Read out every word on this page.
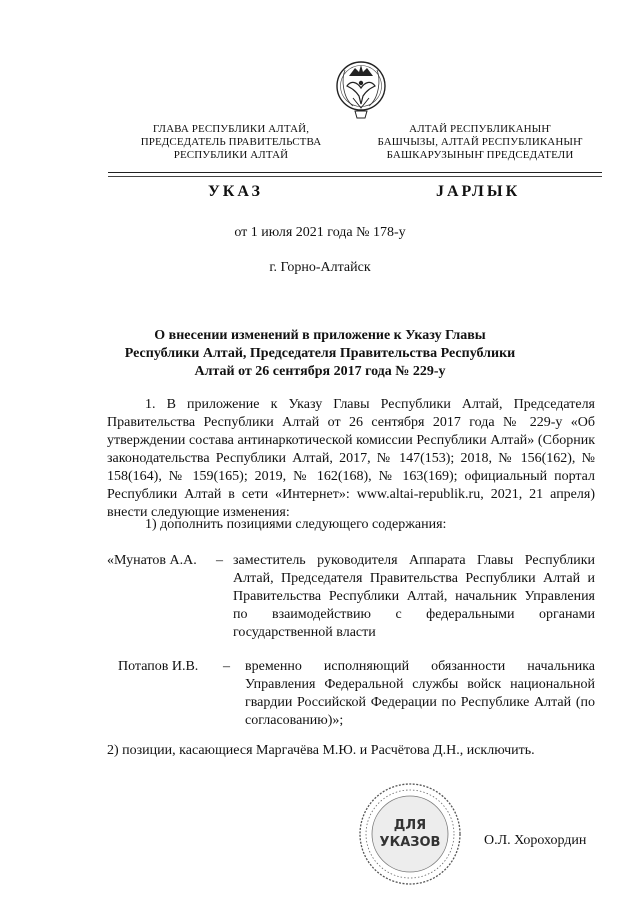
ГЛАВА РЕСПУБЛИКИ АЛТАЙ,
ПРЕДСЕДАТЕЛЬ ПРАВИТЕЛЬСТВА
РЕСПУБЛИКИ АЛТАЙ
АЛТАЙ РЕСПУБЛИКАНЫҤ
БАШЧЫЗЫ, АЛТАЙ РЕСПУБЛИКАНЫҤ
БАШКАРУЗЫНЫҤ ПРЕДСЕДАТЕЛИ
УКАЗ	ЈАРЛЫК
от 1 июля 2021 года № 178-у
г. Горно-Алтайск
О внесении изменений в приложение к Указу Главы Республики Алтай, Председателя Правительства Республики Алтай от 26 сентября 2017 года № 229-у
1. В приложение к Указу Главы Республики Алтай, Председателя Правительства Республики Алтай от 26 сентября 2017 года № 229-у «Об утверждении состава антинаркотической комиссии Республики Алтай» (Сборник законодательства Республики Алтай, 2017, № 147(153); 2018, № 156(162), № 158(164), № 159(165); 2019, № 162(168), № 163(169); официальный портал Республики Алтай в сети «Интернет»: www.altai-republik.ru, 2021, 21 апреля) внести следующие изменения:
1) дополнить позициями следующего содержания:
«Мунатов А.А. – заместитель руководителя Аппарата Главы Республики Алтай, Председателя Правительства Республики Алтай и Правительства Республики Алтай, начальник Управления по взаимодействию с федеральными органами государственной власти
Потапов И.В. – временно исполняющий обязанности начальника Управления Федеральной службы войск национальной гвардии Российской Федерации по Республике Алтай (по согласованию)»;
2) позиции, касающиеся Маргачёва М.Ю. и Расчётова Д.Н., исключить.
ДЛЯ
УКАЗОВ	О.Л. Хорохордин
